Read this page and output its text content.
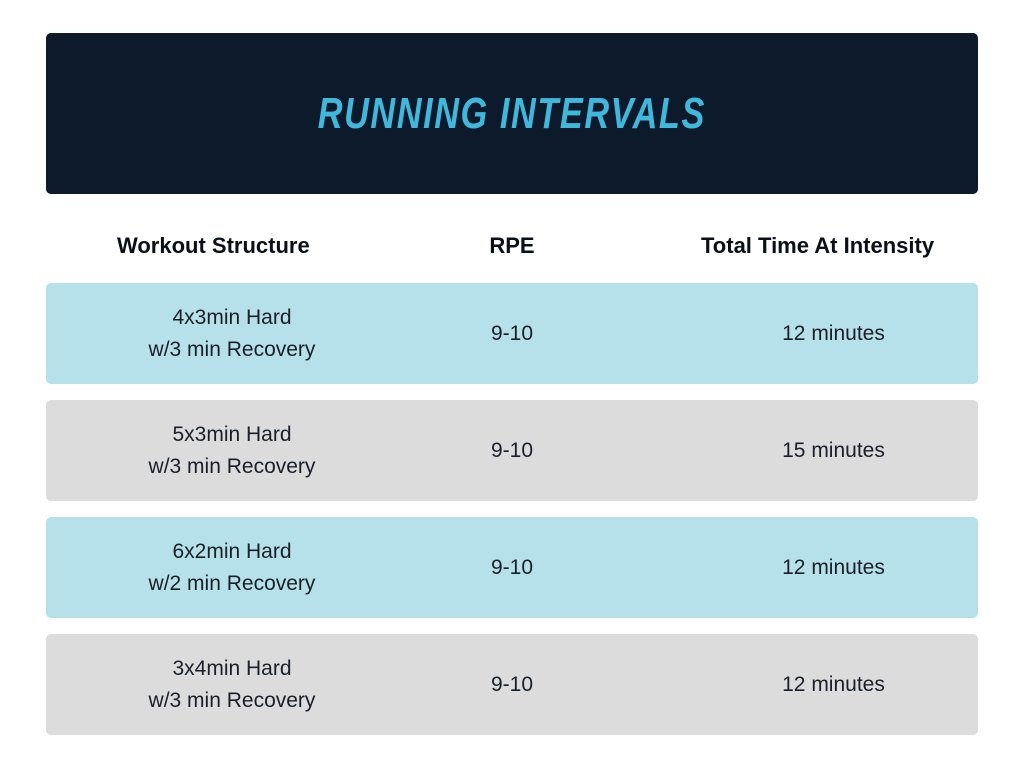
RUNNING INTERVALS
Workout Structure	RPE	Total Time At Intensity
4x3min Hard
w/3 min Recovery
9-10	12 minutes
5x3min Hard
w/3 min Recovery
9-10	15 minutes
6x2min Hard
w/2 min Recovery
9-10	12 minutes
3x4min Hard
w/3 min Recovery
9-10	12 minutes
